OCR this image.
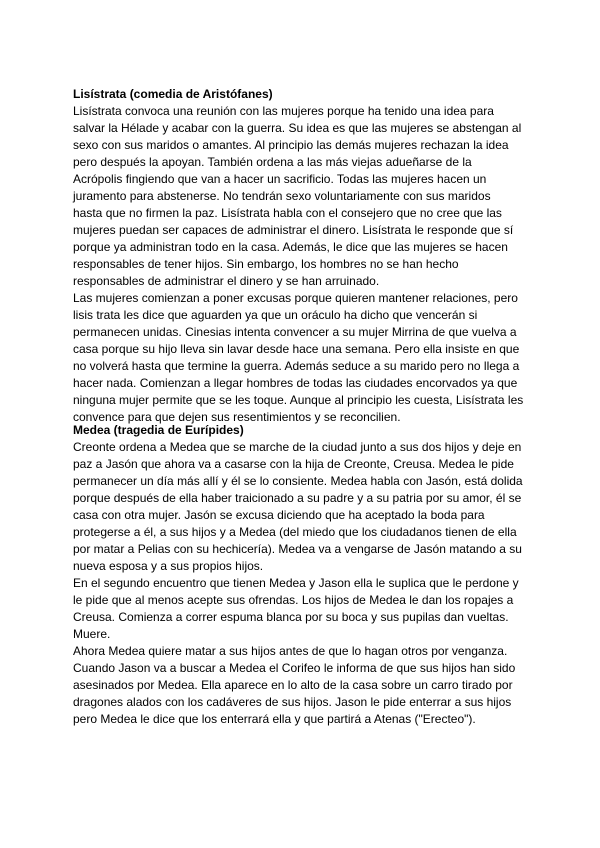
Lisístrata (comedia de Aristófanes)

Lisístrata convoca una reunión con las mujeres porque ha tenido una idea para

salvar la Hélade y acabar con la guerra. Su idea es que las mujeres se abstengan al

sexo con sus maridos o amantes. Al principio las demás mujeres rechazan la idea

pero después la apoyan. También ordena a las más viejas adueñarse de la

Acrópolis fingiendo que van a hacer un sacrificio. Todas las mujeres hacen un

juramento para abstenerse. No tendrán sexo voluntariamente con sus maridos

hasta que no firmen la paz. Lisístrata habla con el consejero que no cree que las

mujeres puedan ser capaces de administrar el dinero. Lisístrata le responde que sí

porque ya administran todo en la casa. Además, le dice que las mujeres se hacen

responsables de tener hijos. Sin embargo, los hombres no se han hecho

responsables de administrar el dinero y se han arruinado.

Las mujeres comienzan a poner excusas porque quieren mantener relaciones, pero

lisis trata les dice que aguarden ya que un oráculo ha dicho que vencerán si

permanecen unidas. Cinesias intenta convencer a su mujer Mirrina de que vuelva a

casa porque su hijo lleva sin lavar desde hace una semana. Pero ella insiste en que

no volverá hasta que termine la guerra. Además seduce a su marido pero no llega a

hacer nada. Comienzan a llegar hombres de todas las ciudades encorvados ya que

ninguna mujer permite que se les toque. Aunque al principio les cuesta, Lisístrata les

convence para que dejen sus resentimientos y se reconcilien.

Medea (tragedia de Eurípides)

Creonte ordena a Medea que se marche de la ciudad junto a sus dos hijos y deje en

paz a Jasón que ahora va a casarse con la hija de Creonte, Creusa. Medea le pide

permanecer un día más allí y él se lo consiente. Medea habla con Jasón, está dolida

porque después de ella haber traicionado a su padre y a su patria por su amor, él se

casa con otra mujer. Jasón se excusa diciendo que ha aceptado la boda para

protegerse a él, a sus hijos y a Medea (del miedo que los ciudadanos tienen de ella

por matar a Pelias con su hechicería). Medea va a vengarse de Jasón matando a su

nueva esposa y a sus propios hijos.

En el segundo encuentro que tienen Medea y Jason ella le suplica que le perdone y

le pide que al menos acepte sus ofrendas. Los hijos de Medea le dan los ropajes a

Creusa. Comienza a correr espuma blanca por su boca y sus pupilas dan vueltas.

Muere.

Ahora Medea quiere matar a sus hijos antes de que lo hagan otros por venganza.

Cuando Jason va a buscar a Medea el Corifeo le informa de que sus hijos han sido

asesinados por Medea. Ella aparece en lo alto de la casa sobre un carro tirado por

dragones alados con los cadáveres de sus hijos. Jason le pide enterrar a sus hijos

pero Medea le dice que los enterrará ella y que partirá a Atenas ("Erecteo").
